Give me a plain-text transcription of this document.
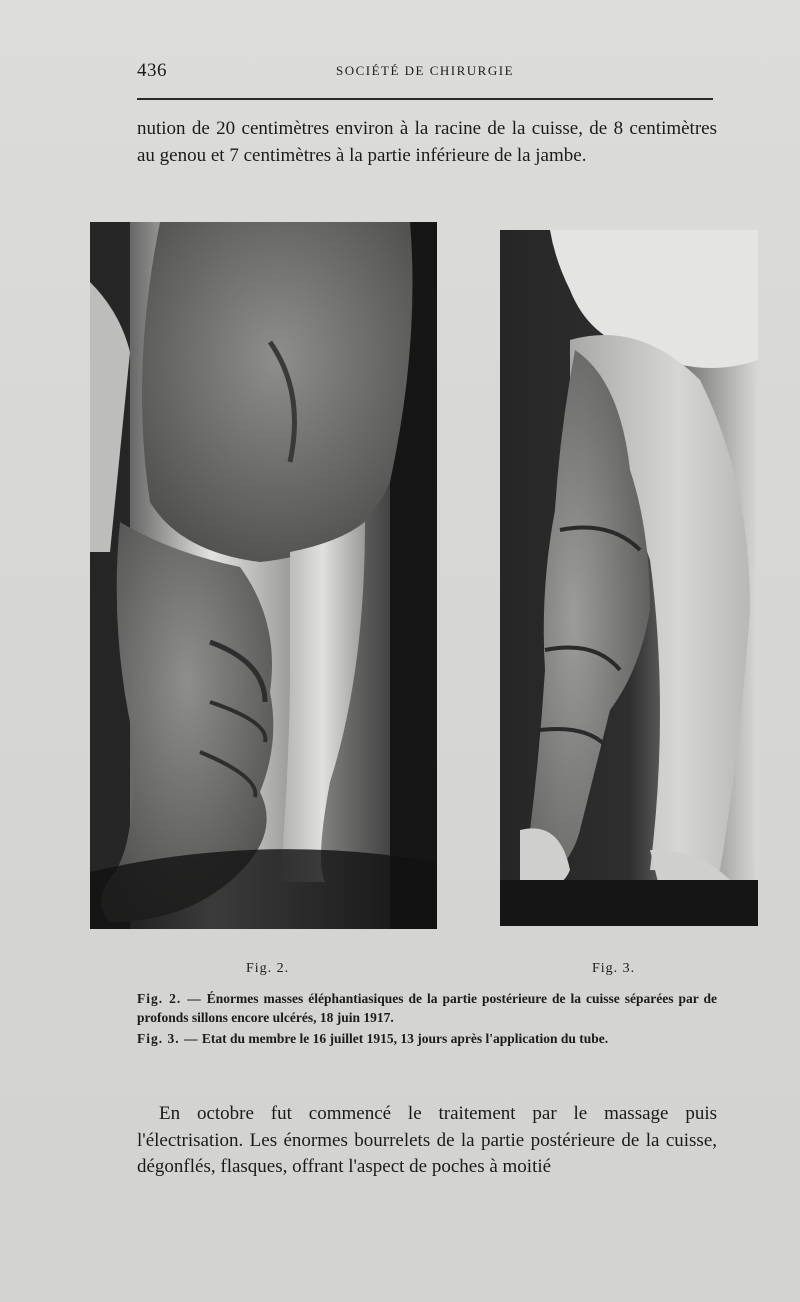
436	SOCIÉTÉ DE CHIRURGIE

nution de 20 centimètres environ à la racine de la cuisse, de 8 centimètres au genou et 7 centimètres à la partie inférieure de la jambe.

Fig. 2.	Fig. 3.

Fig. 2. — Énormes masses éléphantiasiques de la partie postérieure de la cuisse séparées par de profonds sillons encore ulcérés, 18 juin 1917.

Fig. 3. — Etat du membre le 16 juillet 1915, 13 jours après l'application du tube.

En octobre fut commencé le traitement par le massage puis l'électrisation. Les énormes bourrelets de la partie postérieure de la cuisse, dégonflés, flasques, offrant l'aspect de poches à moitié
